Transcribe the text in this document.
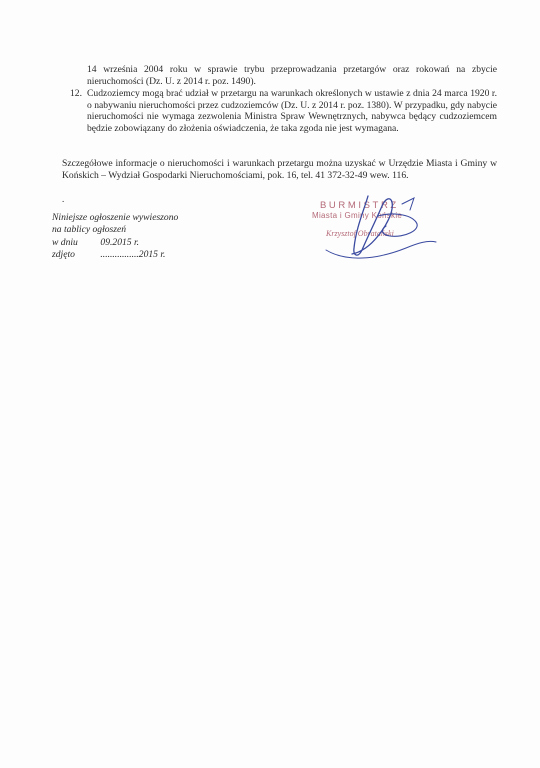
14 września 2004 roku w sprawie trybu przeprowadzania przetargów oraz rokowań na zbycie nieruchomości (Dz. U. z 2014 r. poz. 1490).
12. Cudzoziemcy mogą brać udział w przetargu na warunkach określonych w ustawie z dnia 24 marca 1920 r. o nabywaniu nieruchomości przez cudzoziemców (Dz. U. z 2014 r. poz. 1380). W przypadku, gdy nabycie nieruchomości nie wymaga zezwolenia Ministra Spraw Wewnętrznych, nabywca będący cudzoziemcem będzie zobowiązany do złożenia oświadczenia, że taka zgoda nie jest wymagana.
Szczegółowe informacje o nieruchomości i warunkach przetargu można uzyskać w Urzędzie Miasta i Gminy w Końskich – Wydział Gospodarki Nieruchomościami, pok. 16, tel. 41 372-32-49 wew. 116.
.
Niniejsze ogłoszenie wywieszono
na tablicy ogłoszeń
w dniu 09.2015 r.
zdjęto	................2015 r.
BURMISTRZ
Miasta i Gminy Końskie
Krzysztof Obratański
